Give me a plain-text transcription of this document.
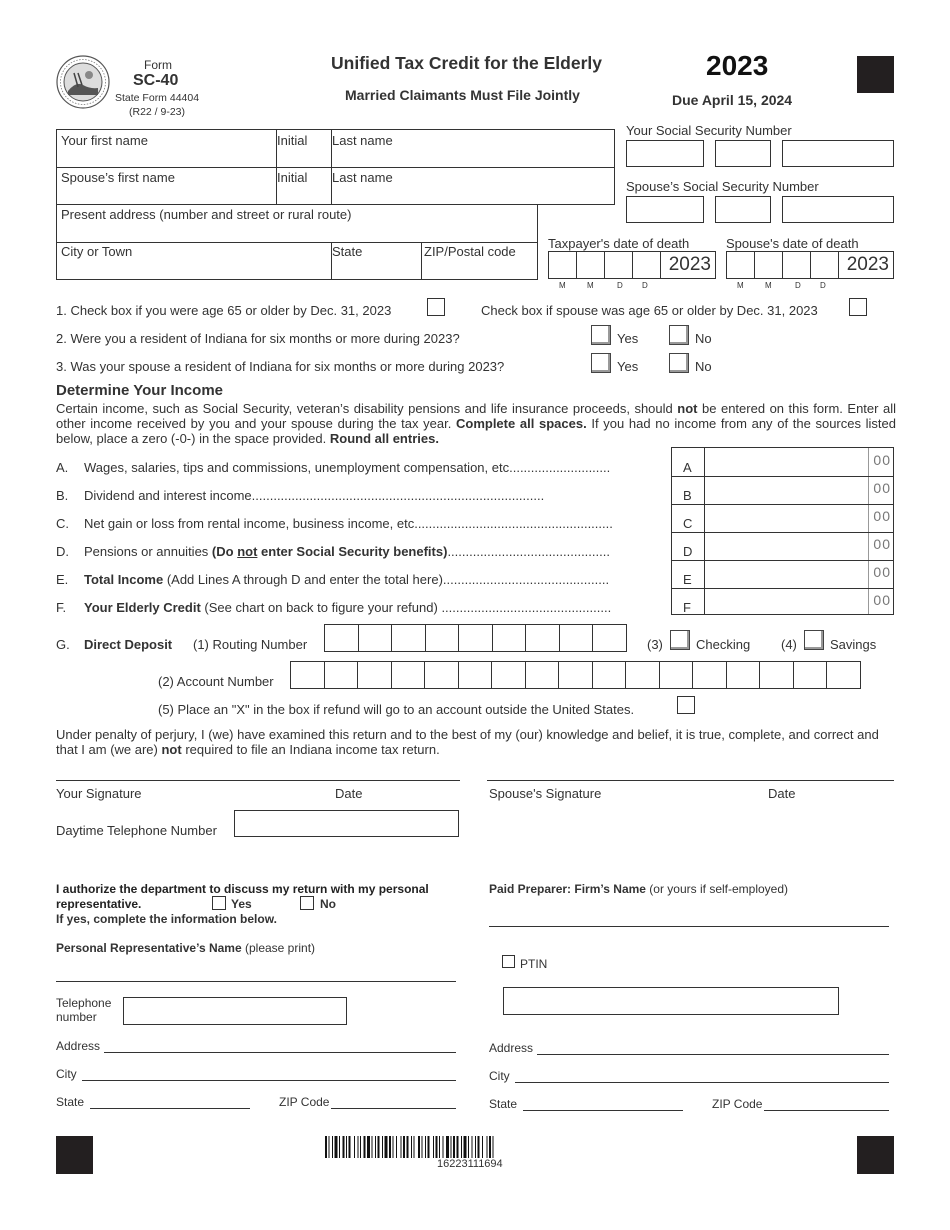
Form
SC-40
State Form 44404
(R22 / 9-23)
Unified Tax Credit for the Elderly
Married Claimants Must File Jointly
2023
Due April 15, 2024
Your first name	Initial Last name
Spouse’s first name	Initial Last name
Present address (number and street or rural route)
City or Town	State	ZIP/Postal code
Your Social Security Number
Spouse’s Social Security Number
Taxpayer's date of death
2023
M	M	D D
Spouse's date of death
2023
M	M	D D
1. Check box if you were age 65 or older by Dec. 31, 2023	Check box if spouse was age 65 or older by Dec. 31, 2023
2. Were you a resident of Indiana for six months or more during 2023?	Yes	No
3. Was your spouse a resident of Indiana for six months or more during 2023?	Yes	No
Determine Your Income
Certain income, such as Social Security, veteran’s disability pensions and life insurance proceeds, should not be entered on this form. Enter all other income received by you and your spouse during the tax year. Complete all spaces. If you had no income from any of the sources listed below, place a zero (-0-) in the space provided. Round all entries.
A. Wages, salaries, tips and commissions, unemployment compensation, etc............................	A	00
B. Dividend and interest income.................................................................................	B	00
C. Net gain or loss from rental income, business income, etc.......................................................	C	00
D. Pensions or annuities (Do not enter Social Security benefits).............................................	D	00
E. Total Income (Add Lines A through D and enter the total here)..............................................	E	00
F. Your Elderly Credit (See chart on back to figure your refund) ...............................................	F	00
G. Direct Deposit (1) Routing Number	(3)	Checking (4)	Savings
(2) Account Number
(5) Place an "X" in the box if refund will go to an account outside the United States.
Under penalty of perjury, I (we) have examined this return and to the best of my (our) knowledge and belief, it is true, complete, and correct and that I am (we are) not required to file an Indiana income tax return.
Your Signature	Date	Spouse's Signature	Date
Daytime Telephone Number
I authorize the department to discuss my return with my personal representative.	Yes	No
If yes, complete the information below.
Personal Representative’s Name (please print)
Telephone number
Address
City
State	ZIP Code
Paid Preparer: Firm’s Name (or yours if self-employed)
PTIN
Address
City
State	ZIP Code
16223111694
